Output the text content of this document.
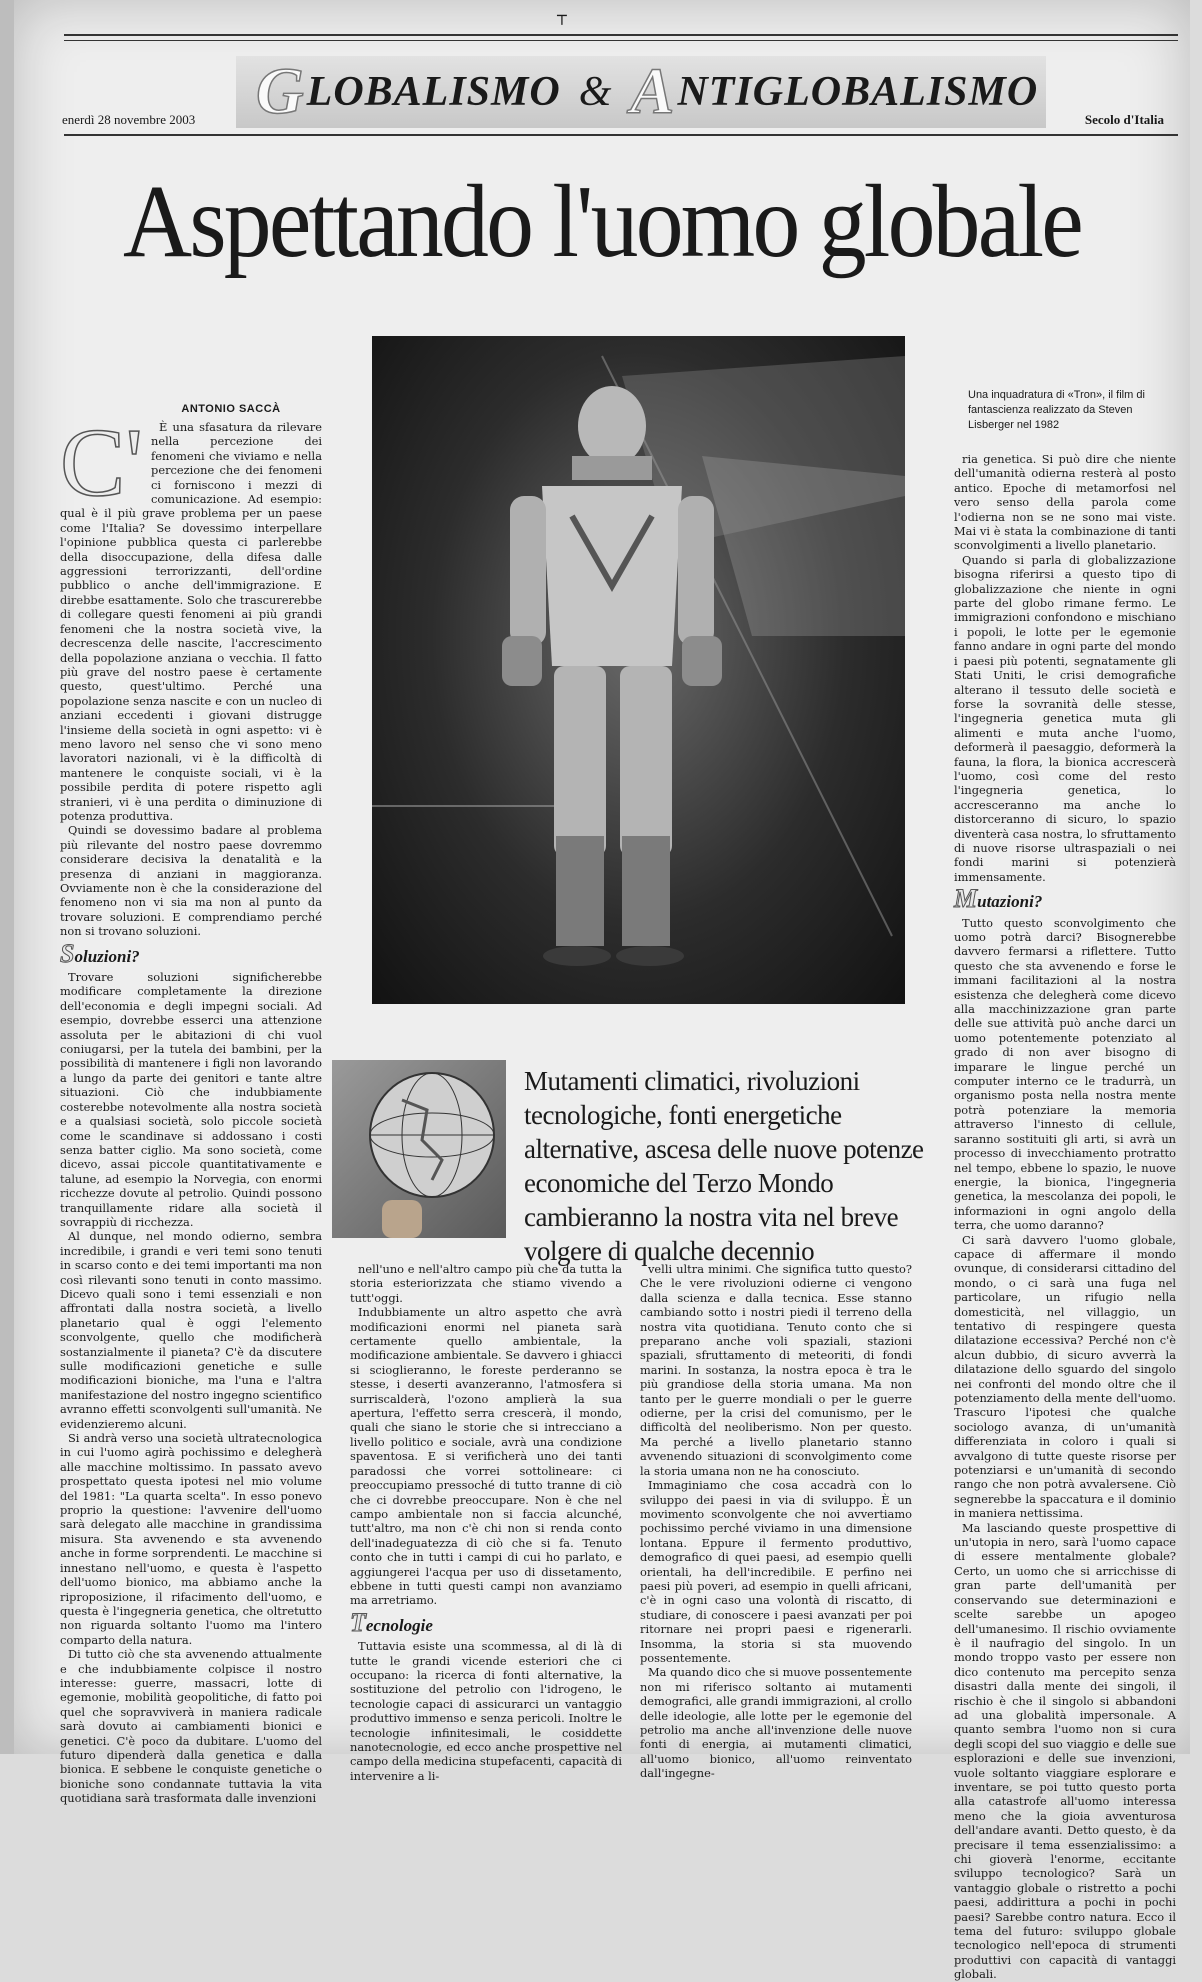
┬
G LOBALISMO & A NTIGLOBALISMO
enerdì 28 novembre 2003	Secolo d'Italia
Aspettando l'uomo globale
Una inquadratura di «Tron», il film di fantascienza realizzato da Steven Lisberger nel 1982
ANTONIO SACCÀ
C'	È una sfasatura da rilevare nella percezione dei fenomeni che viviamo e nella percezione che dei fenomeni ci forniscono i mezzi di comunicazione. Ad esempio: qual è il più grave problema per un paese come l'Italia? Se dovessimo interpellare l'opinione pubblica questa ci parlerebbe della disoccupazione, della difesa dalle aggressioni terrorizzanti, dell'ordine pubblico o anche dell'immigrazione. E direbbe esattamente. Solo che trascurerebbe di collegare questi fenomeni ai più grandi fenomeni che la nostra società vive, la decrescenza delle nascite, l'accrescimento della popolazione anziana o vecchia. Il fatto più grave del nostro paese è certamente questo, quest'ultimo. Perché una popolazione senza nascite e con un nucleo di anziani eccedenti i giovani distrugge l'insieme della società in ogni aspetto: vi è meno lavoro nel senso che vi sono meno lavoratori nazionali, vi è la difficoltà di mantenere le conquiste sociali, vi è la possibile perdita di potere rispetto agli stranieri, vi è una perdita o diminuzione di potenza produttiva.

Quindi se dovessimo badare al problema più rilevante del nostro paese dovremmo considerare decisiva la denatalità e la presenza di anziani in maggioranza. Ovviamente non è che la considerazione del fenomeno non vi sia ma non al punto da trovare soluzioni. E comprendiamo perché non si trovano soluzioni.

Soluzioni?

Trovare soluzioni significherebbe modificare completamente la direzione dell'economia e degli impegni sociali. Ad esempio, dovrebbe esserci una attenzione assoluta per le abitazioni di chi vuol coniugarsi, per la tutela dei bambini, per la possibilità di mantenere i figli non lavorando a lungo da parte dei genitori e tante altre situazioni. Ciò che indubbiamente costerebbe notevolmente alla nostra società e a qualsiasi società, solo piccole società come le scandinave si addossano i costi senza batter ciglio. Ma sono società, come dicevo, assai piccole quantitativamente e talune, ad esempio la Norvegia, con enormi ricchezze dovute al petrolio. Quindi possono tranquillamente ridare alla società il sovrappiù di ricchezza.

Al dunque, nel mondo odierno, sembra incredibile, i grandi e veri temi sono tenuti in scarso conto e dei temi importanti ma non così rilevanti sono tenuti in conto massimo. Dicevo quali sono i temi essenziali e non affrontati dalla nostra società, a livello planetario qual è oggi l'elemento sconvolgente, quello che modificherà sostanzialmente il pianeta? C'è da discutere sulle modificazioni genetiche e sulle modificazioni bioniche, ma l'una e l'altra manifestazione del nostro ingegno scientifico avranno effetti sconvolgenti sull'umanità. Ne evidenzieremo alcuni.

Si andrà verso una società ultratecnologica in cui l'uomo agirà pochissimo e delegherà alle macchine moltissimo. In passato avevo prospettato questa ipotesi nel mio volume del 1981: "La quarta scelta". In esso ponevo proprio la questione: l'avvenire dell'uomo sarà delegato alle macchine in grandissima misura. Sta avvenendo e sta avvenendo anche in forme sorprendenti. Le macchine si innestano nell'uomo, e questa è l'aspetto dell'uomo bionico, ma abbiamo anche la riproposizione, il rifacimento dell'uomo, e questa è l'ingegneria genetica, che oltretutto non riguarda soltanto l'uomo ma l'intero comparto della natura.

Di tutto ciò che sta avvenendo attualmente e che indubbiamente colpisce il nostro interesse: guerre, massacri, lotte di egemonie, mobilità geopolitiche, di fatto poi quel che sopravviverà in maniera radicale sarà dovuto ai cambiamenti bionici e genetici. C'è poco da dubitare. L'uomo del futuro dipenderà dalla genetica e dalla bionica. E sebbene le conquiste genetiche o bioniche sono condannate tuttavia la vita quotidiana sarà trasformata dalle invenzioni

Mutamenti climatici, rivoluzioni tecnologiche, fonti energetiche alternative, ascesa delle nuove potenze economiche del Terzo Mondo cambieranno la nostra vita nel breve volgere di qualche decennio

nell'uno e nell'altro campo più che da tutta la storia esteriorizzata che stiamo vivendo a tutt'oggi.

Indubbiamente un altro aspetto che avrà modificazioni enormi nel pianeta sarà certamente quello ambientale, la modificazione ambientale. Se davvero i ghiacci si scioglieranno, le foreste perderanno se stesse, i deserti avanzeranno, l'atmosfera si surriscalderà, l'ozono amplierà la sua apertura, l'effetto serra crescerà, il mondo, quali che siano le storie che si intrecciano a livello politico e sociale, avrà una condizione spaventosa. E si verificherà uno dei tanti paradossi che vorrei sottolineare: ci preoccupiamo pressoché di tutto tranne di ciò che ci dovrebbe preoccupare. Non è che nel campo ambientale non si faccia alcunché, tutt'altro, ma non c'è chi non si renda conto dell'inadeguatezza di ciò che si fa. Tenuto conto che in tutti i campi di cui ho parlato, e aggiungerei l'acqua per uso di dissetamento, ebbene in tutti questi campi non avanziamo ma arretriamo.

Tecnologie

Tuttavia esiste una scommessa, al di là di tutte le grandi vicende esteriori che ci occupano: la ricerca di fonti alternative, la sostituzione del petrolio con l'idrogeno, le tecnologie capaci di assicurarci un vantaggio produttivo immenso e senza pericoli. Inoltre le tecnologie infinitesimali, le cosiddette nanotecnologie, ed ecco anche prospettive nel campo della medicina stupefacenti, capacità di intervenire a li-

velli ultra minimi. Che significa tutto questo? Che le vere rivoluzioni odierne ci vengono dalla scienza e dalla tecnica. Esse stanno cambiando sotto i nostri piedi il terreno della nostra vita quotidiana. Tenuto conto che si preparano anche voli spaziali, stazioni spaziali, sfruttamento di meteoriti, di fondi marini. In sostanza, la nostra epoca è tra le più grandiose della storia umana. Ma non tanto per le guerre mondiali o per le guerre odierne, per la crisi del comunismo, per le difficoltà del neoliberismo. Non per questo. Ma perché a livello planetario stanno avvenendo situazioni di sconvolgimento come la storia umana non ne ha conosciuto.

Immaginiamo che cosa accadrà con lo sviluppo dei paesi in via di sviluppo. È un movimento sconvolgente che noi avvertiamo pochissimo perché viviamo in una dimensione lontana. Eppure il fermento produttivo, demografico di quei paesi, ad esempio quelli orientali, ha dell'incredibile. E perfino nei paesi più poveri, ad esempio in quelli africani, c'è in ogni caso una volontà di riscatto, di studiare, di conoscere i paesi avanzati per poi ritornare nei propri paesi e rigenerarli. Insomma, la storia si sta muovendo possentemente.

Ma quando dico che si muove possentemente non mi riferisco soltanto ai mutamenti demografici, alle grandi immigrazioni, al crollo delle ideologie, alle lotte per le egemonie del petrolio ma anche all'invenzione delle nuove fonti di energia, ai mutamenti climatici, all'uomo bionico, all'uomo reinventato dall'ingegne-

ria genetica. Si può dire che niente dell'umanità odierna resterà al posto antico. Epoche di metamorfosi nel vero senso della parola come l'odierna non se ne sono mai viste. Mai vi è stata la combinazione di tanti sconvolgimenti a livello planetario.

Quando si parla di globalizzazione bisogna riferirsi a questo tipo di globalizzazione che niente in ogni parte del globo rimane fermo. Le immigrazioni confondono e mischiano i popoli, le lotte per le egemonie fanno andare in ogni parte del mondo i paesi più potenti, segnatamente gli Stati Uniti, le crisi demografiche alterano il tessuto delle società e forse la sovranità delle stesse, l'ingegneria genetica muta gli alimenti e muta anche l'uomo, deformerà il paesaggio, deformerà la fauna, la flora, la bionica accrescerà l'uomo, così come del resto l'ingegneria genetica, lo accresceranno ma anche lo distorceranno di sicuro, lo spazio diventerà casa nostra, lo sfruttamento di nuove risorse ultraspaziali o nei fondi marini si potenzierà immensamente.

Mutazioni?

Tutto questo sconvolgimento che uomo potrà darci? Bisognerebbe davvero fermarsi a riflettere. Tutto questo che sta avvenendo e forse le immani facilitazioni al la nostra esistenza che delegherà come dicevo alla macchinizzazione gran parte delle sue attività può anche darci un uomo potentemente potenziato al grado di non aver bisogno di imparare le lingue perché un computer interno ce le tradurrà, un organismo posta nella nostra mente potrà potenziare la memoria attraverso l'innesto di cellule, saranno sostituiti gli arti, si avrà un processo di invecchiamento protratto nel tempo, ebbene lo spazio, le nuove energie, la bionica, l'ingegneria genetica, la mescolanza dei popoli, le informazioni in ogni angolo della terra, che uomo daranno?

Ci sarà davvero l'uomo globale, capace di affermare il mondo ovunque, di considerarsi cittadino del mondo, o ci sarà una fuga nel particolare, un rifugio nella domesticità, nel villaggio, un tentativo di respingere questa dilatazione eccessiva? Perché non c'è alcun dubbio, di sicuro avverrà la dilatazione dello sguardo del singolo nei confronti del mondo oltre che il potenziamento della mente dell'uomo. Trascuro l'ipotesi che qualche sociologo avanza, di un'umanità differenziata in coloro i quali si avvalgono di tutte queste risorse per potenziarsi e un'umanità di secondo rango che non potrà avvalersene. Ciò segnerebbe la spaccatura e il dominio in maniera nettissima.

Ma lasciando queste prospettive di un'utopia in nero, sarà l'uomo capace di essere mentalmente globale? Certo, un uomo che si arricchisse di gran parte dell'umanità per conservando sue determinazioni e scelte sarebbe un apogeo dell'umanesimo. Il rischio ovviamente è il naufragio del singolo. In un mondo troppo vasto per essere non dico contenuto ma percepito senza disastri dalla mente dei singoli, il rischio è che il singolo si abbandoni ad una globalità impersonale. A quanto sembra l'uomo non si cura degli scopi del suo viaggio e delle sue esplorazioni e delle sue invenzioni, vuole soltanto viaggiare esplorare e inventare, se poi tutto questo porta alla catastrofe all'uomo interessa meno che la gioia avventurosa dell'andare avanti. Detto questo, è da precisare il tema essenzialissimo: a chi gioverà l'enorme, eccitante sviluppo tecnologico? Sarà un vantaggio globale o ristretto a pochi paesi, addirittura a pochi in pochi paesi? Sarebbe contro natura. Ecco il tema del futuro: sviluppo globale tecnologico nell'epoca di strumenti produttivi con capacità di vantaggi globali.
